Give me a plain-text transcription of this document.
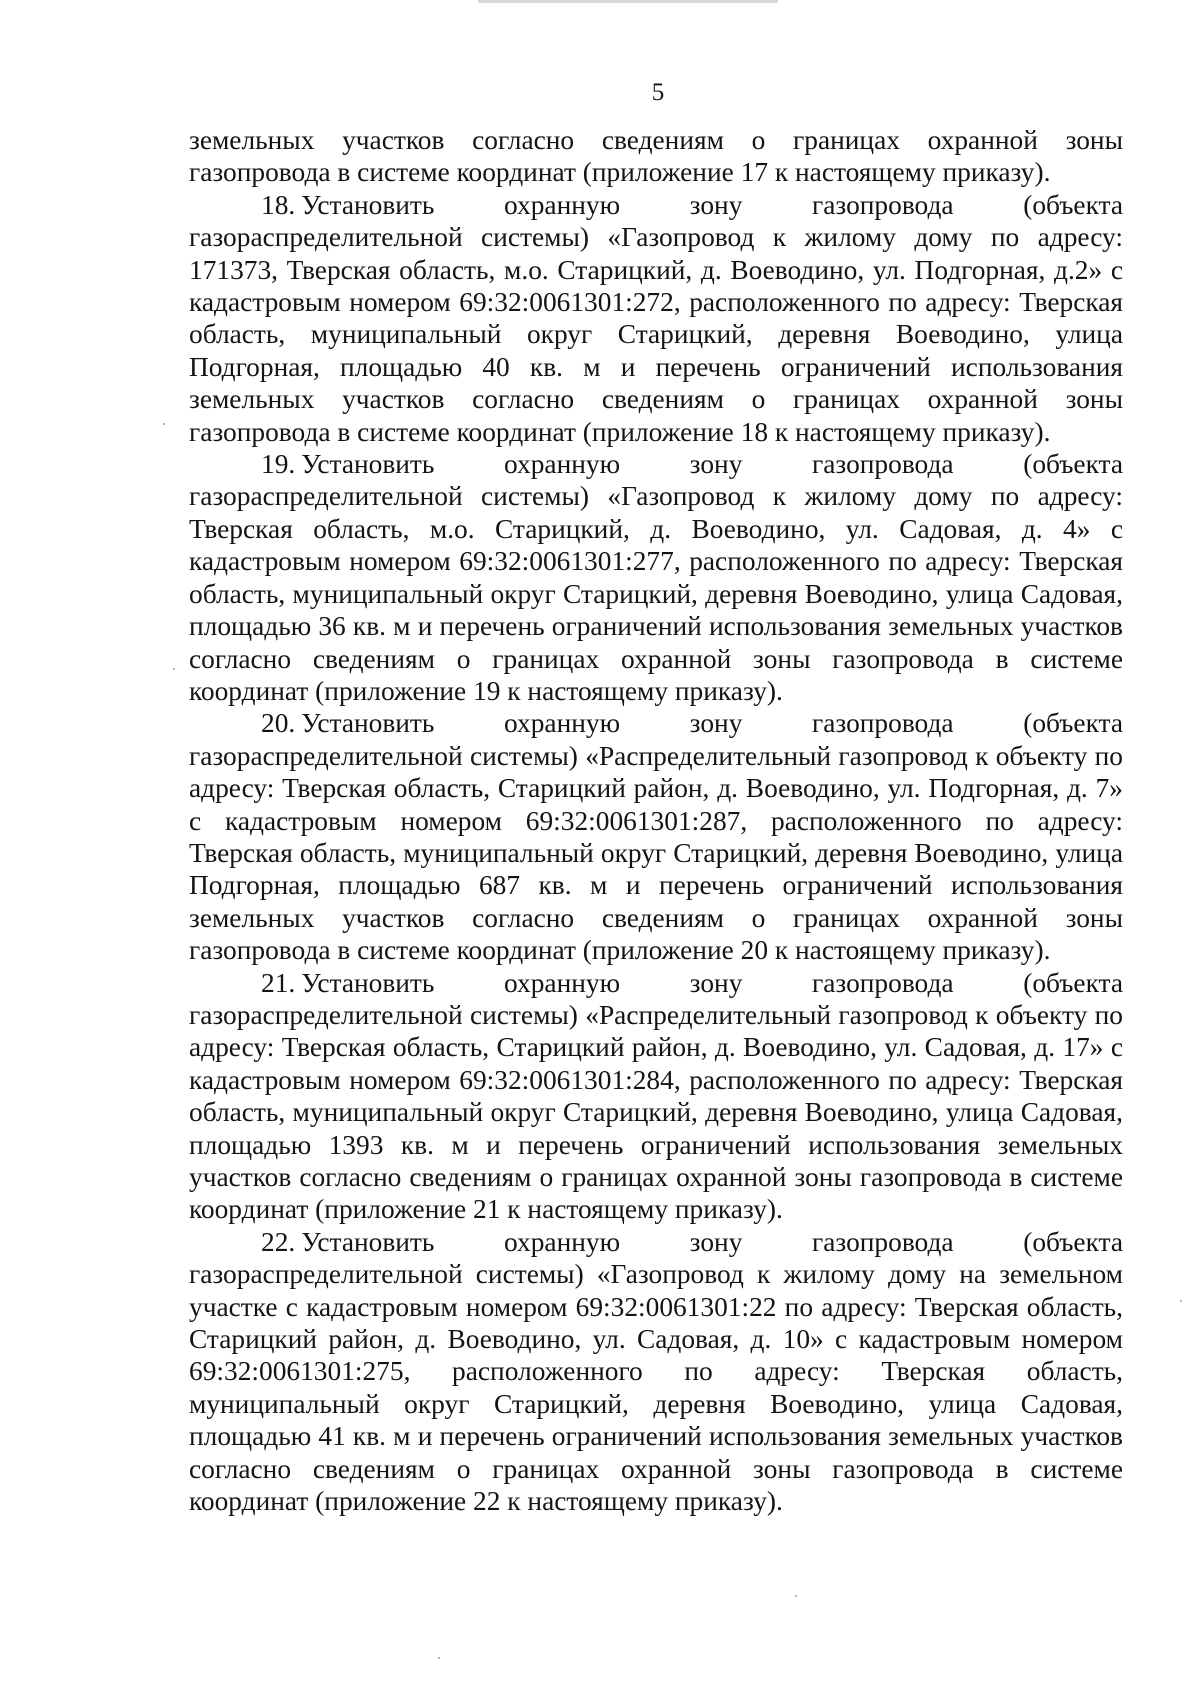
5

земельных участков согласно сведениям о границах охранной зоны газопровода в системе координат (приложение 17 к настоящему приказу).

18. Установить охранную зону газопровода (объекта газораспределительной системы) «Газопровод к жилому дому по адресу: 171373, Тверская область, м.о. Старицкий, д. Воеводино, ул. Подгорная, д.2» с кадастровым номером 69:32:0061301:272, расположенного по адресу: Тверская область, муниципальный округ Старицкий, деревня Воеводино, улица Подгорная, площадью 40 кв. м и перечень ограничений использования земельных участков согласно сведениям о границах охранной зоны газопровода в системе координат (приложение 18 к настоящему приказу).

19. Установить охранную зону газопровода (объекта газораспределительной системы) «Газопровод к жилому дому по адресу: Тверская область, м.о. Старицкий, д. Воеводино, ул. Садовая, д. 4» с кадастровым номером 69:32:0061301:277, расположенного по адресу: Тверская область, муниципальный округ Старицкий, деревня Воеводино, улица Садовая, площадью 36 кв. м и перечень ограничений использования земельных участков согласно сведениям о границах охранной зоны газопровода в системе координат (приложение 19 к настоящему приказу).

20. Установить охранную зону газопровода (объекта газораспределительной системы) «Распределительный газопровод к объекту по адресу: Тверская область, Старицкий район, д. Воеводино, ул. Подгорная, д. 7» с кадастровым номером 69:32:0061301:287, расположенного по адресу: Тверская область, муниципальный округ Старицкий, деревня Воеводино, улица Подгорная, площадью 687 кв. м и перечень ограничений использования земельных участков согласно сведениям о границах охранной зоны газопровода в системе координат (приложение 20 к настоящему приказу).

21. Установить охранную зону газопровода (объекта газораспределительной системы) «Распределительный газопровод к объекту по адресу: Тверская область, Старицкий район, д. Воеводино, ул. Садовая, д. 17» с кадастровым номером 69:32:0061301:284, расположенного по адресу: Тверская область, муниципальный округ Старицкий, деревня Воеводино, улица Садовая, площадью 1393 кв. м и перечень ограничений использования земельных участков согласно сведениям о границах охранной зоны газопровода в системе координат (приложение 21 к настоящему приказу).

22. Установить охранную зону газопровода (объекта газораспределительной системы) «Газопровод к жилому дому на земельном участке с кадастровым номером 69:32:0061301:22 по адресу: Тверская область, Старицкий район, д. Воеводино, ул. Садовая, д. 10» с кадастровым номером 69:32:0061301:275, расположенного по адресу: Тверская область, муниципальный округ Старицкий, деревня Воеводино, улица Садовая, площадью 41 кв. м и перечень ограничений использования земельных участков согласно сведениям о границах охранной зоны газопровода в системе координат (приложение 22 к настоящему приказу).
